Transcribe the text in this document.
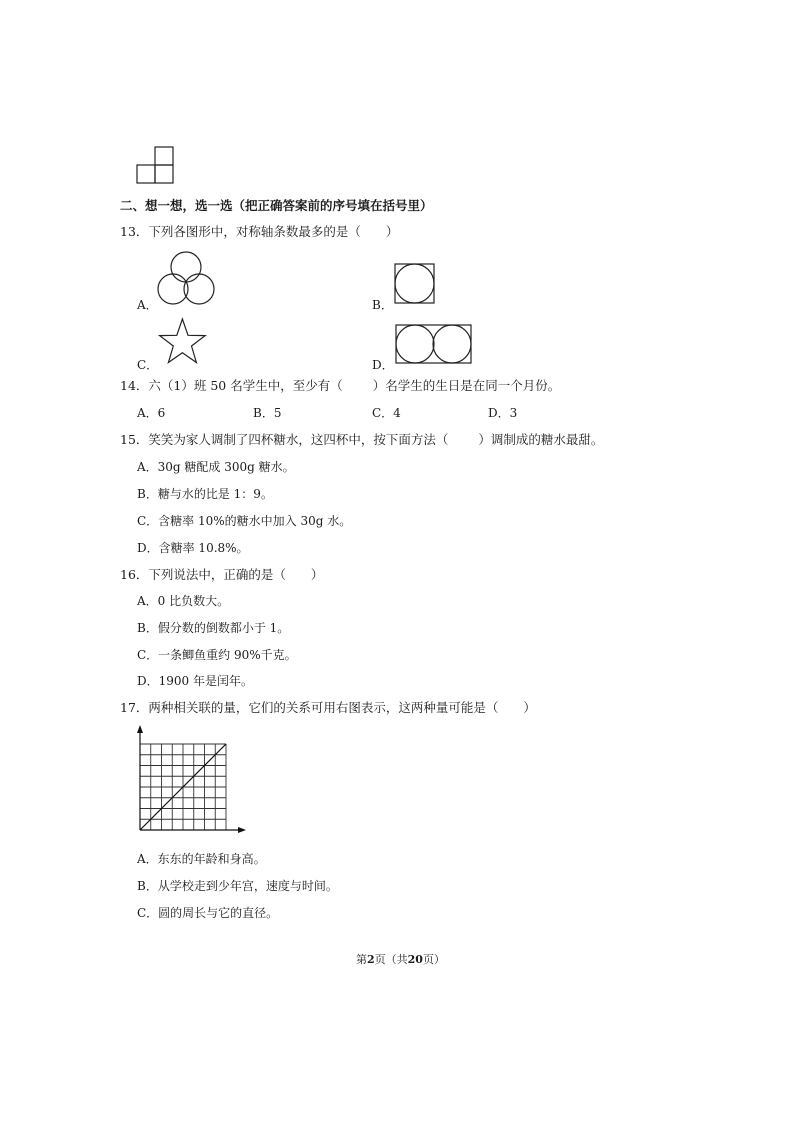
二、想一想，选一选（把正确答案前的序号填在括号里）
13．下列各图形中，对称轴条数最多的是（　　）
A．	B．
C．	D．
14．六（1）班 50 名学生中，至少有（ ）名学生的生日是在同一个月份。
A．6	B．5	C．4	D．3
15．笑笑为家人调制了四杯糖水，这四杯中，按下面方法（ ）调制成的糖水最甜。
A．30g 糖配成 300g 糖水。
B．糖与水的比是 1：9。
C．含糖率 10%的糖水中加入 30g 水。
D．含糖率 10.8%。
16．下列说法中，正确的是（　　）
A．0 比负数大。
B．假分数的倒数都小于 1。
C．一条鲫鱼重约 90%千克。
D．1900 年是闰年。
17．两种相关联的量，它们的关系可用右图表示，这两种量可能是（　　）
A．东东的年龄和身高。
B．从学校走到少年宫，速度与时间。
C．圆的周长与它的直径。
第2页（共20页）
